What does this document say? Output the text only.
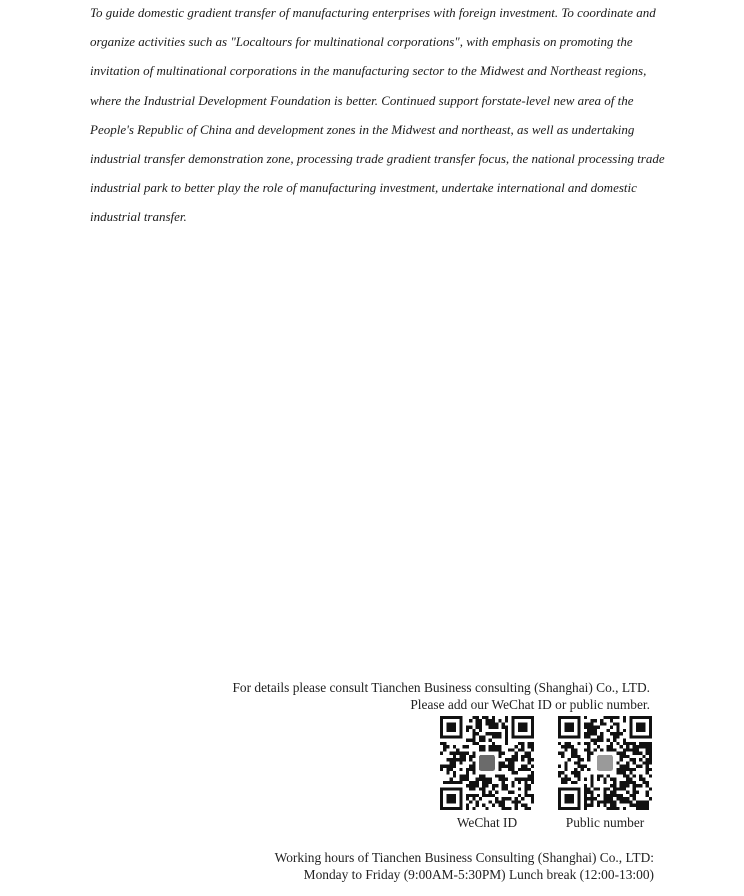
To guide domestic gradient transfer of manufacturing enterprises with foreign investment. To coordinate and organize activities such as "Localtours for multinational corporations", with emphasis on promoting the invitation of multinational corporations in the manufacturing sector to the Midwest and Northeast regions, where the Industrial Development Foundation is better. Continued support forstate-level new area of the People's Republic of China and development zones in the Midwest and northeast, as well as undertaking industrial transfer demonstration zone, processing trade gradient transfer focus, the national processing trade industrial park to better play the role of manufacturing investment, undertake international and domestic industrial transfer.

For details please consult Tianchen Business consulting (Shanghai) Co., LTD.
Please add our WeChat ID or public number.
WeChat ID	Public number
Working hours of Tianchen Business Consulting (Shanghai) Co., LTD:
Monday to Friday (9:00AM-5:30PM) Lunch break (12:00-13:00)
